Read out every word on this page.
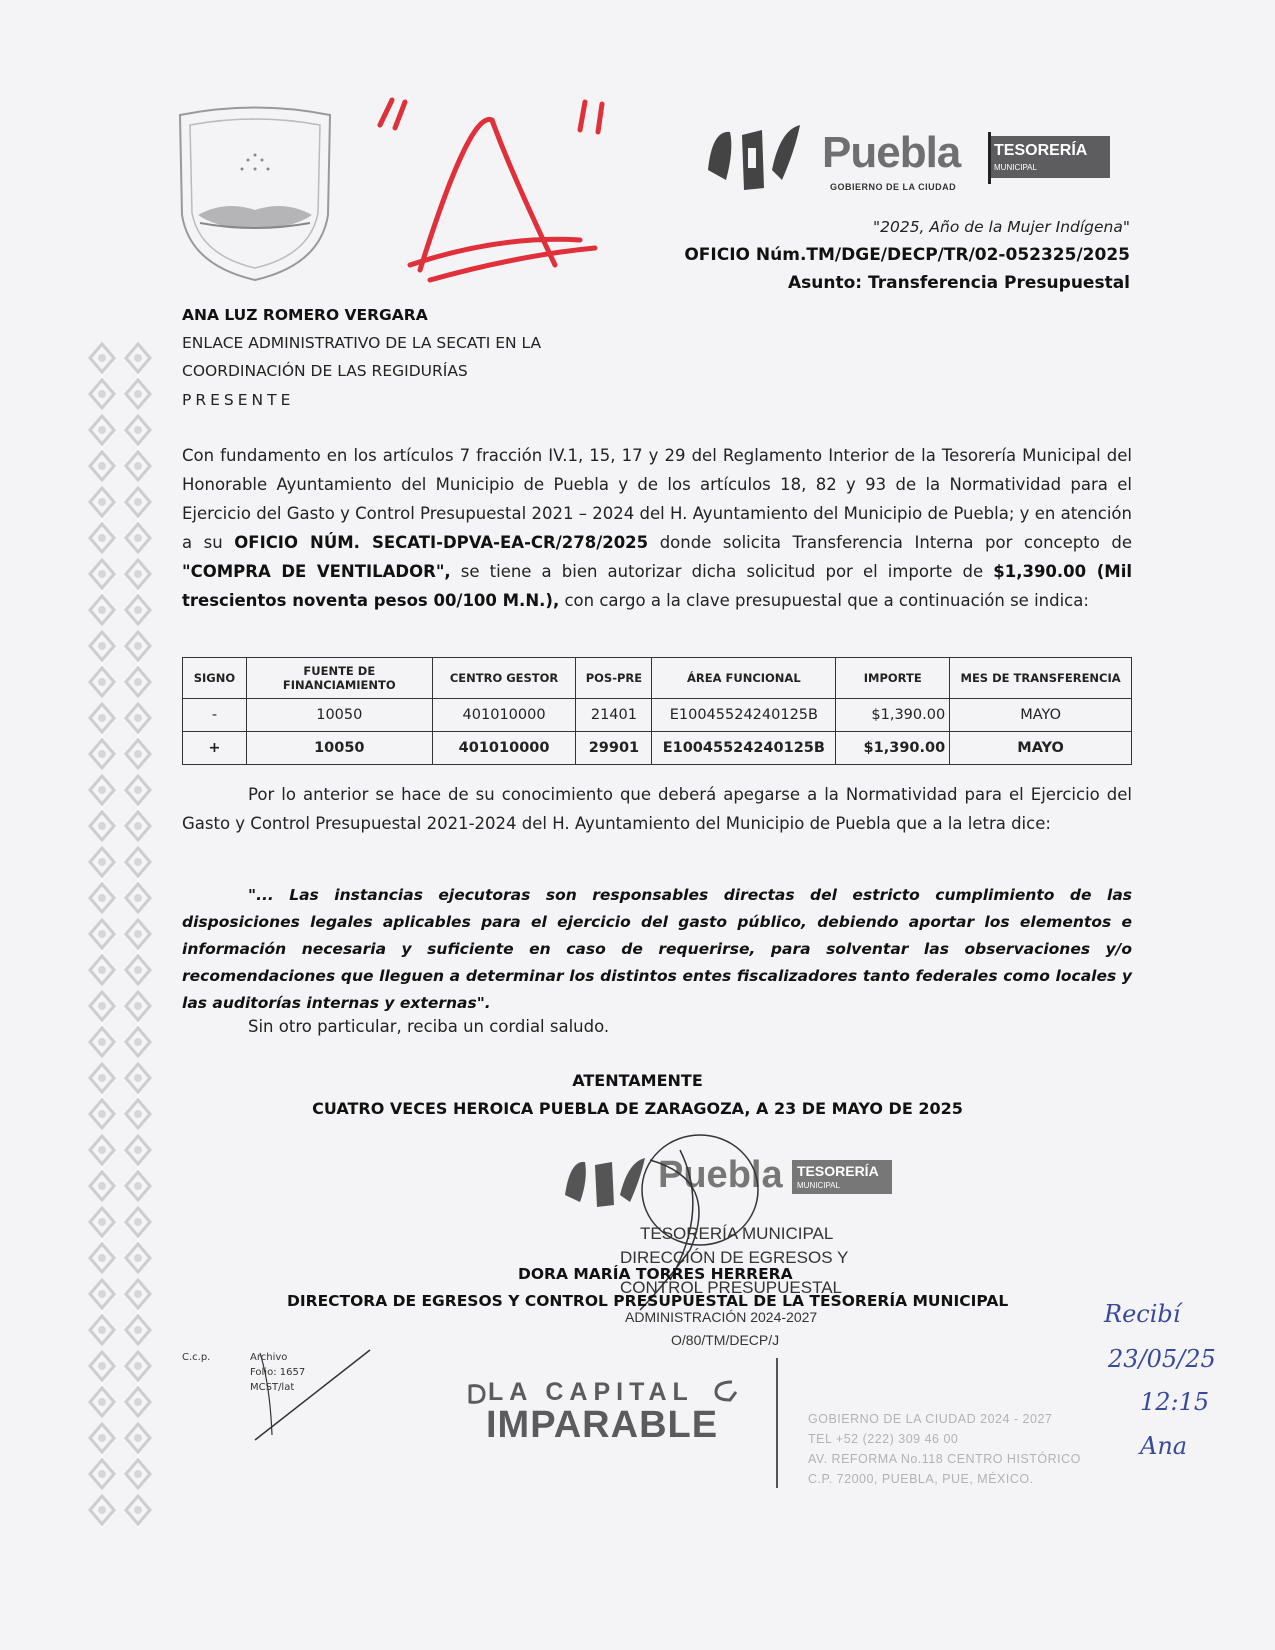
"A"
Puebla
GOBIERNO DE LA CIUDAD
TESORERÍA
MUNICIPAL
"2025, Año de la Mujer Indígena"
OFICIO Núm.TM/DGE/DECP/TR/02-052325/2025
Asunto: Transferencia Presupuestal
ANA LUZ ROMERO VERGARA
ENLACE ADMINISTRATIVO DE LA SECATI EN LA
COORDINACIÓN DE LAS REGIDURÍAS
PRESENTE

Con fundamento en los artículos 7 fracción IV.1, 15, 17 y 29 del Reglamento Interior de la Tesorería Municipal del Honorable Ayuntamiento del Municipio de Puebla y de los artículos 18, 82 y 93 de la Normatividad para el Ejercicio del Gasto y Control Presupuestal 2021 – 2024 del H. Ayuntamiento del Municipio de Puebla; y en atención a su OFICIO NÚM. SECATI-DPVA-EA-CR/278/2025 donde solicita Transferencia Interna por concepto de "COMPRA DE VENTILADOR", se tiene a bien autorizar dicha solicitud por el importe de $1,390.00 (Mil trescientos noventa pesos 00/100 M.N.), con cargo a la clave presupuestal que a continuación se indica:

SIGNO	FUENTE DE FINANCIAMIENTO	CENTRO GESTOR	POS-PRE	ÁREA FUNCIONAL	IMPORTE	MES DE TRANSFERENCIA
-	10050	401010000	21401	E10045524240125B	$1,390.00	MAYO
+	10050	401010000	29901	E10045524240125B	$1,390.00	MAYO

Por lo anterior se hace de su conocimiento que deberá apegarse a la Normatividad para el Ejercicio del Gasto y Control Presupuestal 2021-2024 del H. Ayuntamiento del Municipio de Puebla que a la letra dice:

"... Las instancias ejecutoras son responsables directas del estricto cumplimiento de las disposiciones legales aplicables para el ejercicio del gasto público, debiendo aportar los elementos e información necesaria y suficiente en caso de requerirse, para solventar las observaciones y/o recomendaciones que lleguen a determinar los distintos entes fiscalizadores tanto federales como locales y las auditorías internas y externas".

Sin otro particular, reciba un cordial saludo.

ATENTAMENTE
CUATRO VECES HEROICA PUEBLA DE ZARAGOZA, A 23 DE MAYO DE 2025
Puebla TESORERÍA
MUNICIPAL
TESORERÍA MUNICIPAL
DIRECCIÓN DE EGRESOS Y
DORA MARÍA TORRES HERRERA
CONTROL PRESUPUESTAL
DIRECTORA DE EGRESOS Y CONTROL PRESUPUESTAL DE LA TESORERÍA MUNICIPAL
ADMINISTRACIÓN 2024-2027
O/80/TM/DECP/J
C.c.p.	Archivo
Folio: 1657
MCST/lat	LA CAPITAL
IMPARABLE	GOBIERNO DE LA CIUDAD 2024 - 2027
TEL +52 (222) 309 46 00
AV. REFORMA No.118 CENTRO HISTÓRICO
C.P. 72000, PUEBLA, PUE, MÉXICO.
Recibí
23/05/25
12:15
Ana
